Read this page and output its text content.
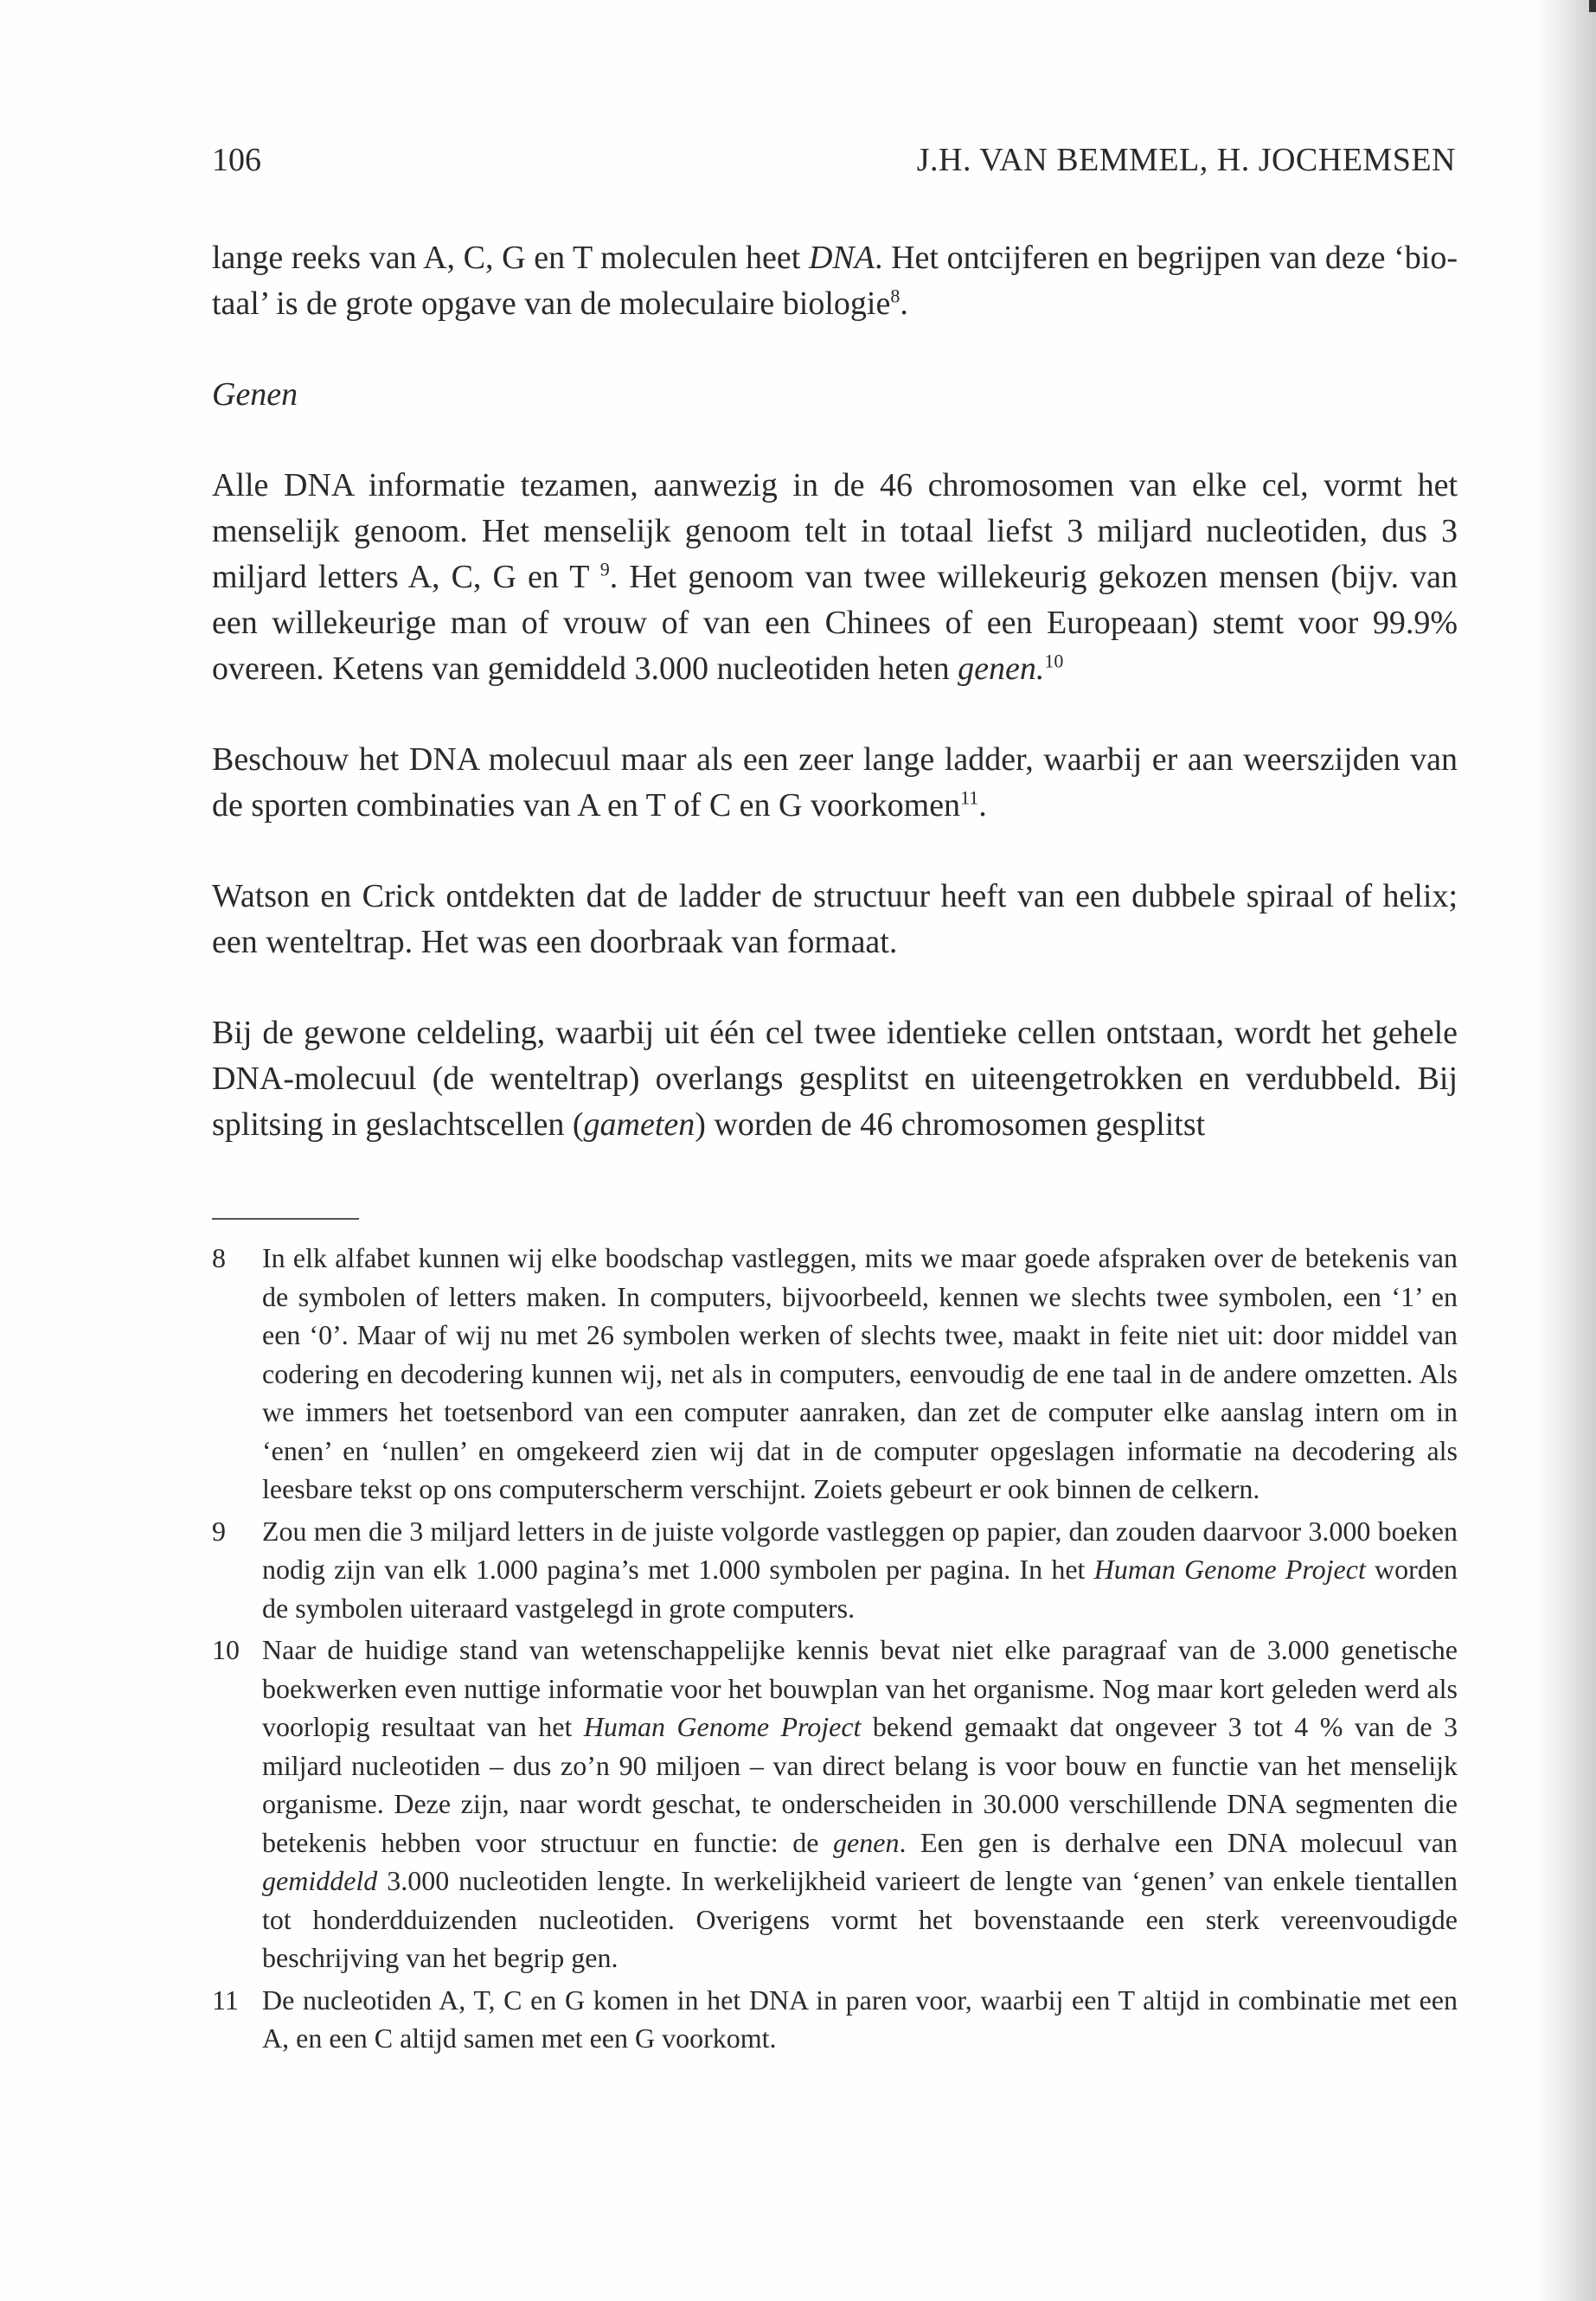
106	J.H. VAN BEMMEL, H. JOCHEMSEN

lange reeks van A, C, G en T moleculen heet DNA. Het ontcijferen en begrijpen van deze ‘bio-taal’ is de grote opgave van de moleculaire biologie$^8$.

Genen

Alle DNA informatie tezamen, aanwezig in de 46 chromosomen van elke cel, vormt het menselijk genoom. Het menselijk genoom telt in totaal liefst 3 miljard nucleotiden, dus 3 miljard letters A, C, G en T $^9$. Het genoom van twee willekeurig gekozen mensen (bijv. van een willekeurige man of vrouw of van een Chinees of een Europeaan) stemt voor 99.9% overeen. Ketens van gemiddeld 3.000 nucleotiden heten genen.$^{10}$

Beschouw het DNA molecuul maar als een zeer lange ladder, waarbij er aan weerszijden van de sporten combinaties van A en T of C en G voorkomen$^{11}$.

Watson en Crick ontdekten dat de ladder de structuur heeft van een dubbele spiraal of helix; een wenteltrap. Het was een doorbraak van formaat.

Bij de gewone celdeling, waarbij uit één cel twee identieke cellen ontstaan, wordt het gehele DNA-molecuul (de wenteltrap) overlangs gesplitst en uiteengetrokken en verdubbeld. Bij splitsing in geslachtscellen (gameten) worden de 46 chromosomen gesplitst

8	In elk alfabet kunnen wij elke boodschap vastleggen, mits we maar goede afspraken over de betekenis van de symbolen of letters maken. In computers, bijvoorbeeld, kennen we slechts twee symbolen, een ‘1’ en een ‘0’. Maar of wij nu met 26 symbolen werken of slechts twee, maakt in feite niet uit: door middel van codering en decodering kunnen wij, net als in computers, eenvoudig de ene taal in de andere omzetten. Als we immers het toetsenbord van een computer aanraken, dan zet de computer elke aanslag intern om in ‘enen’ en ‘nullen’ en omgekeerd zien wij dat in de computer opgeslagen informatie na decodering als leesbare tekst op ons computerscherm verschijnt. Zoiets gebeurt er ook binnen de celkern.
9	Zou men die 3 miljard letters in de juiste volgorde vastleggen op papier, dan zouden daarvoor 3.000 boeken nodig zijn van elk 1.000 pagina’s met 1.000 symbolen per pagina. In het Human Genome Project worden de symbolen uiteraard vastgelegd in grote computers.
10 Naar de huidige stand van wetenschappelijke kennis bevat niet elke paragraaf van de 3.000 genetische boekwerken even nuttige informatie voor het bouwplan van het organisme. Nog maar kort geleden werd als voorlopig resultaat van het Human Genome Project bekend gemaakt dat ongeveer 3 tot 4 % van de 3 miljard nucleotiden – dus zo’n 90 miljoen – van direct belang is voor bouw en functie van het menselijk organisme. Deze zijn, naar wordt geschat, te onderscheiden in 30.000 verschillende DNA segmenten die betekenis hebben voor structuur en functie: de genen. Een gen is derhalve een DNA molecuul van gemiddeld 3.000 nucleotiden lengte. In werkelijkheid varieert de lengte van ‘genen’ van enkele tientallen tot honderdduizenden nucleotiden. Overigens vormt het bovenstaande een sterk vereenvoudigde beschrijving van het begrip gen.
11 De nucleotiden A, T, C en G komen in het DNA in paren voor, waarbij een T altijd in combinatie met een A, en een C altijd samen met een G voorkomt.
